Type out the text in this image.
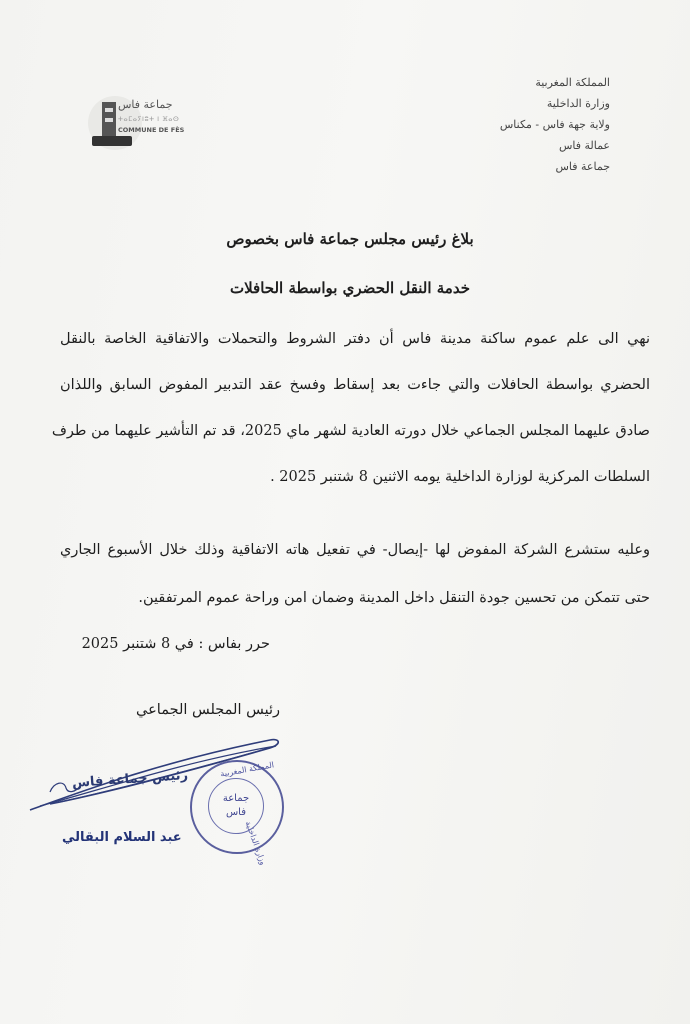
المملكة المغربية
وزارة الداخلية
ولاية جهة فاس - مكناس
عمالة فاس
جماعة فاس
جماعة فاس
ⵜⴰⵎⴰⵢⵏⵓⵜ ⵏ ⴼⴰⵙ
COMMUNE DE FÈS
بلاغ رئيس مجلس جماعة فاس بخصوص
خدمة النقل الحضري بواسطة الحافلات
نهي الى علم عموم ساكنة مدينة فاس أن دفتر الشروط والتحملات والاتفاقية الخاصة بالنقل
الحضري بواسطة الحافلات والتي جاءت بعد إسقاط وفسخ عقد التدبير المفوض السابق واللذان
صادق عليهما المجلس الجماعي خلال دورته العادية لشهر ماي 2025، قد تم التأشير عليهما من طرف
السلطات المركزية لوزارة الداخلية يومه الاثنين 8 شتنبر 2025 .
وعليه ستشرع الشركة المفوض لها -إيصال- في تفعيل هاته الاتفاقية وذلك خلال الأسبوع الجاري
حتى تتمكن من تحسين جودة التنقل داخل المدينة وضمان امن وراحة عموم المرتفقين.
حرر بفاس : في 8 شتنبر 2025
رئيس المجلس الجماعي
رئيس جماعة فاس
عبد السلام البقالي
المملكة المغربية
وزارة الداخلية
جماعة
فاس
